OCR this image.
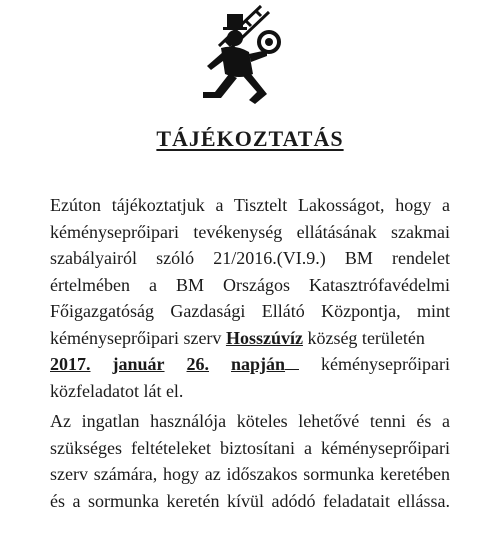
TÁJÉKOZTATÁS
Ezúton tájékoztatjuk a Tisztelt Lakosságot, hogy a
kéményseprőipari tevékenység ellátásának szakmai
szabályairól szóló 21/2016.(VI.9.) BM rendelet
értelmében a BM Országos Katasztrófavédelmi
Főigazgatóság Gazdasági Ellátó Központja, mint
kéményseprőipari szerv Hosszúvíz község területén
2017. január 26. napján kéményseprőipari
közfeladatot lát el.
Az ingatlan használója köteles lehetővé tenni és a
szükséges feltételeket biztosítani a kéményseprőipari
szerv számára, hogy az időszakos sormunka keretében
és a sormunka keretén kívül adódó feladatait ellássa.
